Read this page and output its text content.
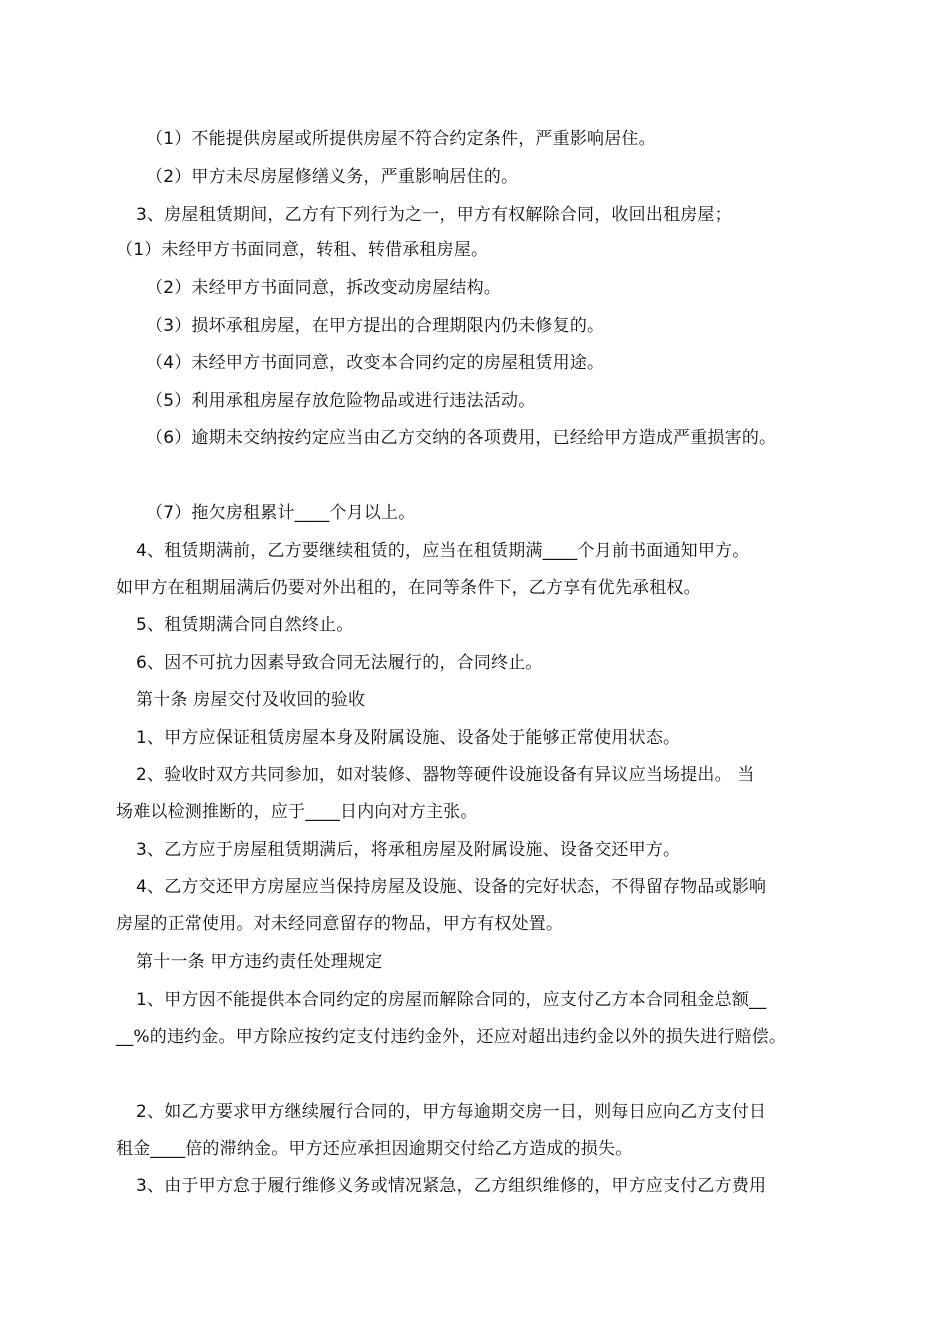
（1）不能提供房屋或所提供房屋不符合约定条件，严重影响居住。
（2）甲方未尽房屋修缮义务，严重影响居住的。
3、房屋租赁期间，乙方有下列行为之一，甲方有权解除合同，收回出租房屋；
（1）未经甲方书面同意，转租、转借承租房屋。
（2）未经甲方书面同意，拆改变动房屋结构。
（3）损坏承租房屋，在甲方提出的合理期限内仍未修复的。
（4）未经甲方书面同意，改变本合同约定的房屋租赁用途。
（5）利用承租房屋存放危险物品或进行违法活动。
（6）逾期未交纳按约定应当由乙方交纳的各项费用，已经给甲方造成严重损害的。
（7）拖欠房租累计____个月以上。
4、租赁期满前，乙方要继续租赁的，应当在租赁期满____个月前书面通知甲方。
如甲方在租期届满后仍要对外出租的，在同等条件下，乙方享有优先承租权。
5、租赁期满合同自然终止。
6、因不可抗力因素导致合同无法履行的，合同终止。
第十条 房屋交付及收回的验收
1、甲方应保证租赁房屋本身及附属设施、设备处于能够正常使用状态。
2、验收时双方共同参加，如对装修、器物等硬件设施设备有异议应当场提出。 当
场难以检测推断的，应于____日内向对方主张。
3、乙方应于房屋租赁期满后，将承租房屋及附属设施、设备交还甲方。
4、乙方交还甲方房屋应当保持房屋及设施、设备的完好状态，不得留存物品或影响
房屋的正常使用。对未经同意留存的物品，甲方有权处置。
第十一条 甲方违约责任处理规定
1、甲方因不能提供本合同约定的房屋而解除合同的，应支付乙方本合同租金总额__
__%的违约金。甲方除应按约定支付违约金外，还应对超出违约金以外的损失进行赔偿。
2、如乙方要求甲方继续履行合同的，甲方每逾期交房一日，则每日应向乙方支付日
租金____倍的滞纳金。甲方还应承担因逾期交付给乙方造成的损失。
3、由于甲方怠于履行维修义务或情况紧急，乙方组织维修的，甲方应支付乙方费用
